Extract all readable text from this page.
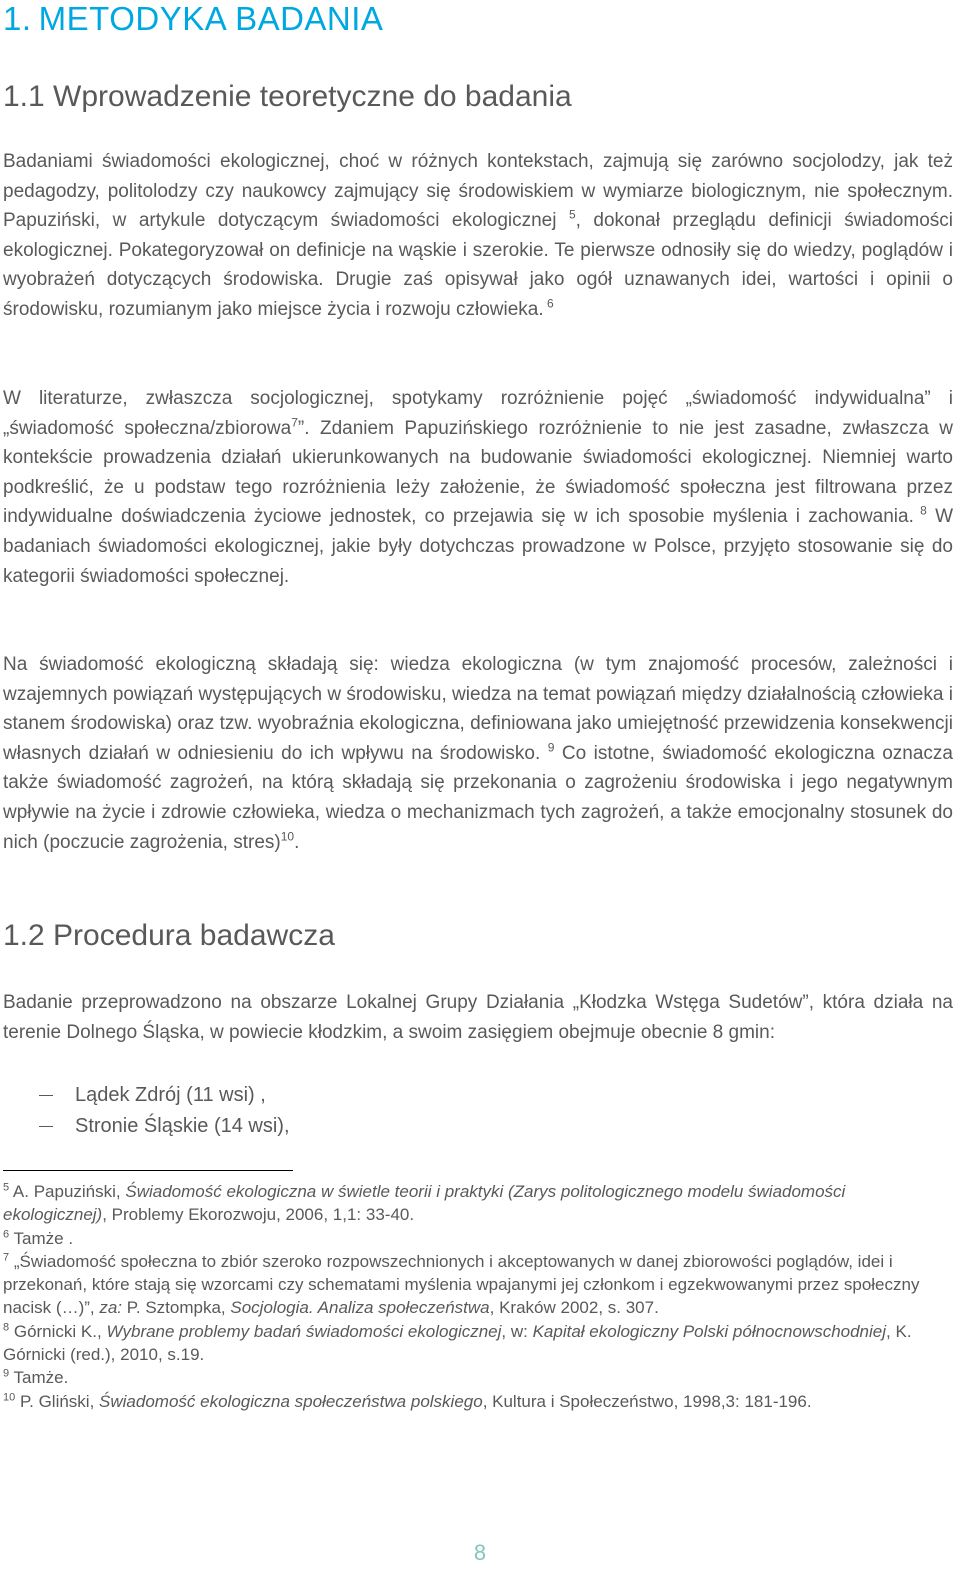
1. METODYKA BADANIA
1.1 Wprowadzenie teoretyczne do badania

Badaniami świadomości ekologicznej, choć w różnych kontekstach, zajmują się zarówno socjolodzy, jak też pedagodzy, politolodzy czy naukowcy zajmujący się środowiskiem w wymiarze biologicznym, nie społecznym. Papuziński, w artykule dotyczącym świadomości ekologicznej $^5$, dokonał przeglądu definicji świadomości ekologicznej. Pokategoryzował on definicje na wąskie i szerokie. Te pierwsze odnosiły się do wiedzy, poglądów i wyobrażeń dotyczących środowiska. Drugie zaś opisywał jako ogół uznawanych idei, wartości i opinii o środowisku, rozumianym jako miejsce życia i rozwoju człowieka. $^6$

W literaturze, zwłaszcza socjologicznej, spotykamy rozróżnienie pojęć „świadomość indywidualna” i „świadomość społeczna/zbiorowa$^7$”. Zdaniem Papuzińskiego rozróżnienie to nie jest zasadne, zwłaszcza w kontekście prowadzenia działań ukierunkowanych na budowanie świadomości ekologicznej. Niemniej warto podkreślić, że u podstaw tego rozróżnienia leży założenie, że świadomość społeczna jest filtrowana przez indywidualne doświadczenia życiowe jednostek, co przejawia się w ich sposobie myślenia i zachowania. $^8$ W badaniach świadomości ekologicznej, jakie były dotychczas prowadzone w Polsce, przyjęto stosowanie się do kategorii świadomości społecznej.

Na świadomość ekologiczną składają się: wiedza ekologiczna (w tym znajomość procesów, zależności i wzajemnych powiązań występujących w środowisku, wiedza na temat powiązań między działalnością człowieka i stanem środowiska) oraz tzw. wyobraźnia ekologiczna, definiowana jako umiejętność przewidzenia konsekwencji własnych działań w odniesieniu do ich wpływu na środowisko. $^9$ Co istotne, świadomość ekologiczna oznacza także świadomość zagrożeń, na którą składają się przekonania o zagrożeniu środowiska i jego negatywnym wpływie na życie i zdrowie człowieka, wiedza o mechanizmach tych zagrożeń, a także emocjonalny stosunek do nich (poczucie zagrożenia, stres)$^{10}$.

1.2 Procedura badawcza

Badanie przeprowadzono na obszarze Lokalnej Grupy Działania „Kłodzka Wstęga Sudetów”, która działa na terenie Dolnego Śląska, w powiecie kłodzkim, a swoim zasięgiem obejmuje obecnie 8 gmin:

Lądek Zdrój (11 wsi) ,
Stronie Śląskie (14 wsi),

$^5$ A. Papuziński, Świadomość ekologiczna w świetle teorii i praktyki (Zarys politologicznego modelu świadomości ekologicznej), Problemy Ekorozwoju, 2006, 1,1: 33-40.

$^6$ Tamże .

$^7$ „Świadomość społeczna to zbiór szeroko rozpowszechnionych i akceptowanych w danej zbiorowości poglądów, idei i przekonań, które stają się wzorcami czy schematami myślenia wpajanymi jej członkom i egzekwowanymi przez społeczny nacisk (…)”, za: P. Sztompka, Socjologia. Analiza społeczeństwa, Kraków 2002, s. 307.

$^8$ Górnicki K., Wybrane problemy badań świadomości ekologicznej, w: Kapitał ekologiczny Polski północnowschodniej, K. Górnicki (red.), 2010, s.19.

$^9$ Tamże.

$^{10}$ P. Gliński, Świadomość ekologiczna społeczeństwa polskiego, Kultura i Społeczeństwo, 1998,3: 181-196.

8
